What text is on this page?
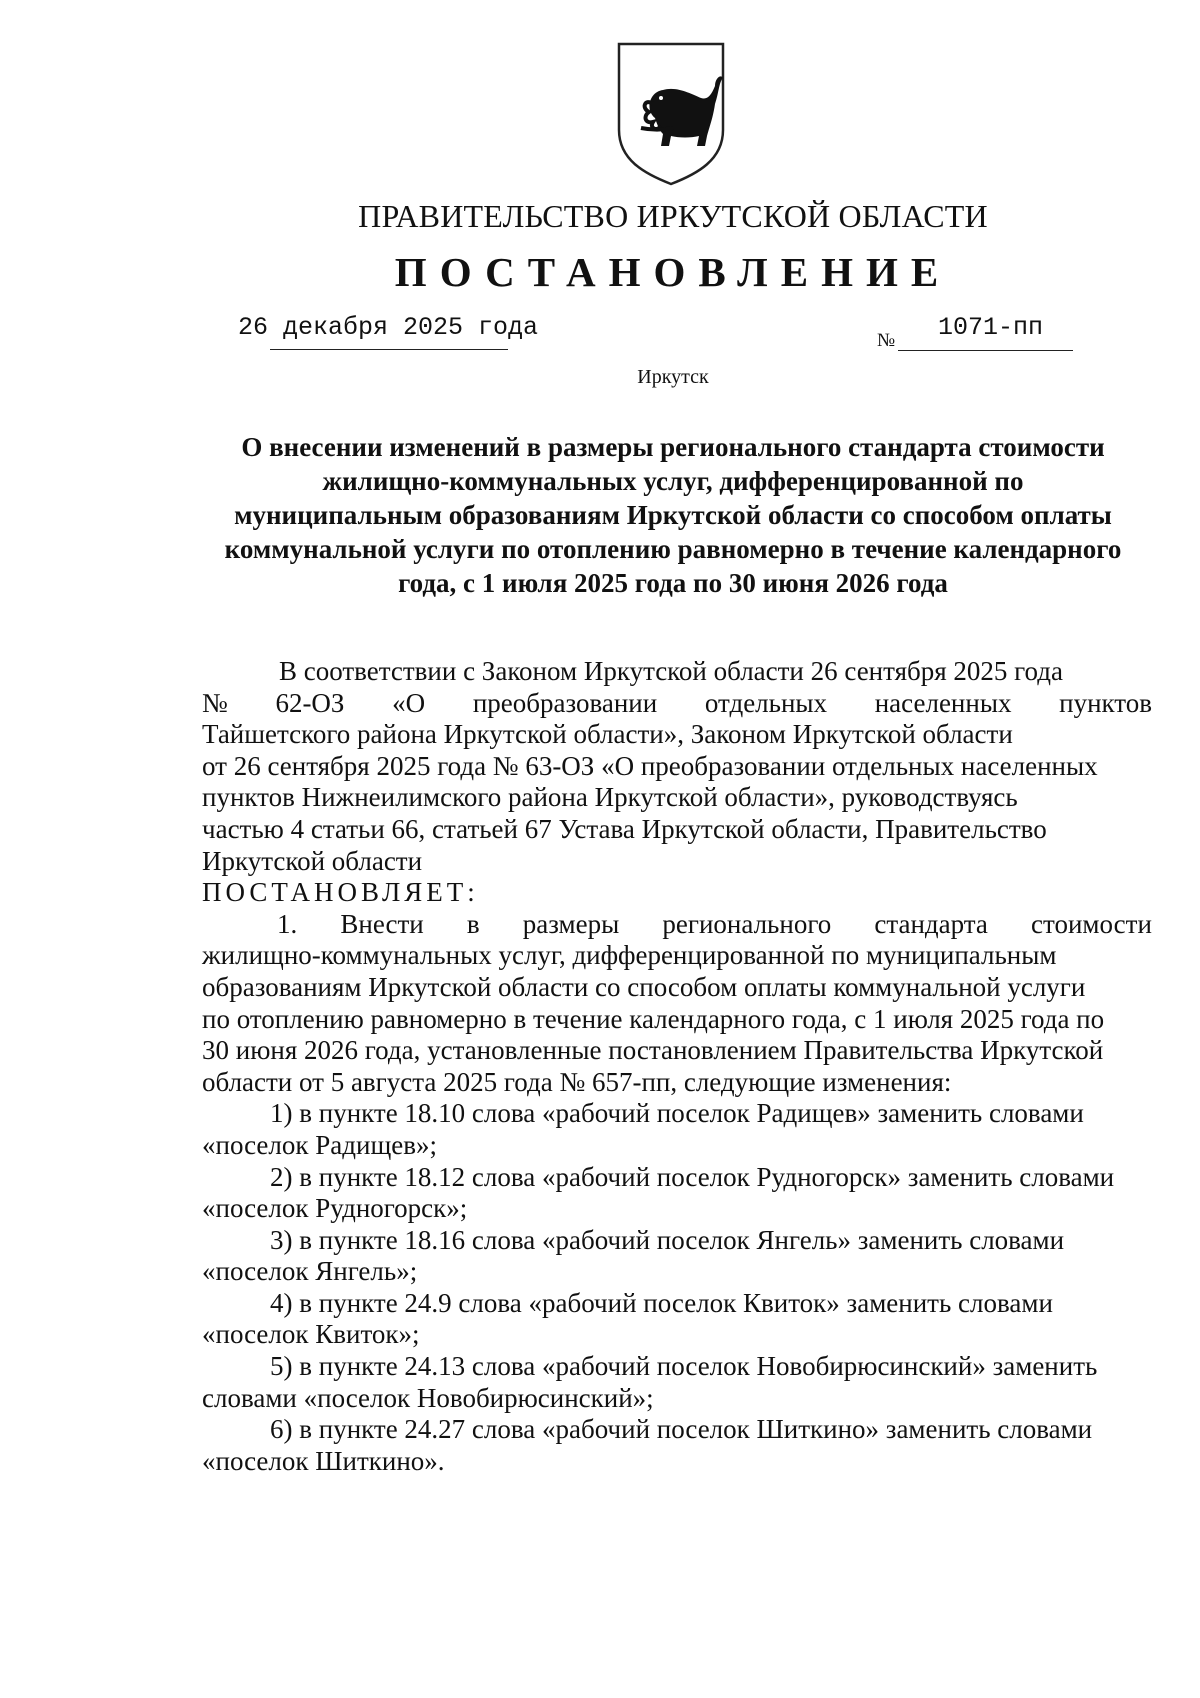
ПРАВИТЕЛЬСТВО ИРКУТСКОЙ ОБЛАСТИ
ПОСТАНОВЛЕНИЕ
26 декабря 2025 года	№ 1071-пп
Иркутск
О внесении изменений в размеры регионального стандарта стоимости
жилищно-коммунальных услуг, дифференцированной по
муниципальным образованиям Иркутской области со способом оплаты
коммунальной услуги по отоплению равномерно в течение календарного
года, с 1 июля 2025 года по 30 июня 2026 года

В соответствии с Законом Иркутской области 26 сентября 2025 года

№ 62-ОЗ «О преобразовании отдельных населенных пунктов

Тайшетского района Иркутской области», Законом Иркутской области

от 26 сентября 2025 года № 63-ОЗ «О преобразовании отдельных населенных

пунктов Нижнеилимского района Иркутской области», руководствуясь

частью 4 статьи 66, статьей 67 Устава Иркутской области, Правительство

Иркутской области

ПОСТАНОВЛЯЕТ:

1. Внести в размеры регионального стандарта стоимости

жилищно-коммунальных услуг, дифференцированной по муниципальным

образованиям Иркутской области со способом оплаты коммунальной услуги

по отоплению равномерно в течение календарного года, с 1 июля 2025 года по

30 июня 2026 года, установленные постановлением Правительства Иркутской

области от 5 августа 2025 года № 657-пп, следующие изменения:

1) в пункте 18.10 слова «рабочий поселок Радищев» заменить словами

«поселок Радищев»;

2) в пункте 18.12 слова «рабочий поселок Рудногорск» заменить словами

«поселок Рудногорск»;

3) в пункте 18.16 слова «рабочий поселок Янгель» заменить словами

«поселок Янгель»;

4) в пункте 24.9 слова «рабочий поселок Квиток» заменить словами

«поселок Квиток»;

5) в пункте 24.13 слова «рабочий поселок Новобирюсинский» заменить

словами «поселок Новобирюсинский»;

6) в пункте 24.27 слова «рабочий поселок Шиткино» заменить словами

«поселок Шиткино».
